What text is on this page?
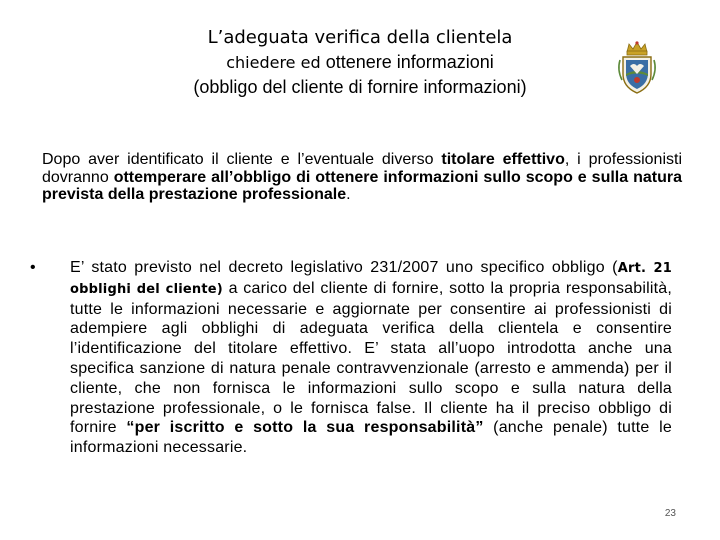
L’adeguata verifica della clientela
chiedere ed ottenere informazioni
(obbligo del cliente di fornire informazioni)
Dopo aver identificato il cliente e l’eventuale diverso titolare effettivo, i professionisti dovranno ottemperare all’obbligo di ottenere informazioni sullo scopo e sulla natura prevista della prestazione professionale.
•	E’ stato previsto nel decreto legislativo 231/2007 uno specifico obbligo (Art. 21 obblighi del cliente) a carico del cliente di fornire, sotto la propria responsabilità, tutte le informazioni necessarie e aggiornate per consentire ai professionisti di adempiere agli obblighi di adeguata verifica della clientela e consentire l’identificazione del titolare effettivo. E’ stata all’uopo introdotta anche una specifica sanzione di natura penale contravvenzionale (arresto e ammenda) per il cliente, che non fornisca le informazioni sullo scopo e sulla natura della prestazione professionale, o le fornisca false. Il cliente ha il preciso obbligo di fornire “per iscritto e sotto la sua responsabilità” (anche penale) tutte le informazioni necessarie.
23
